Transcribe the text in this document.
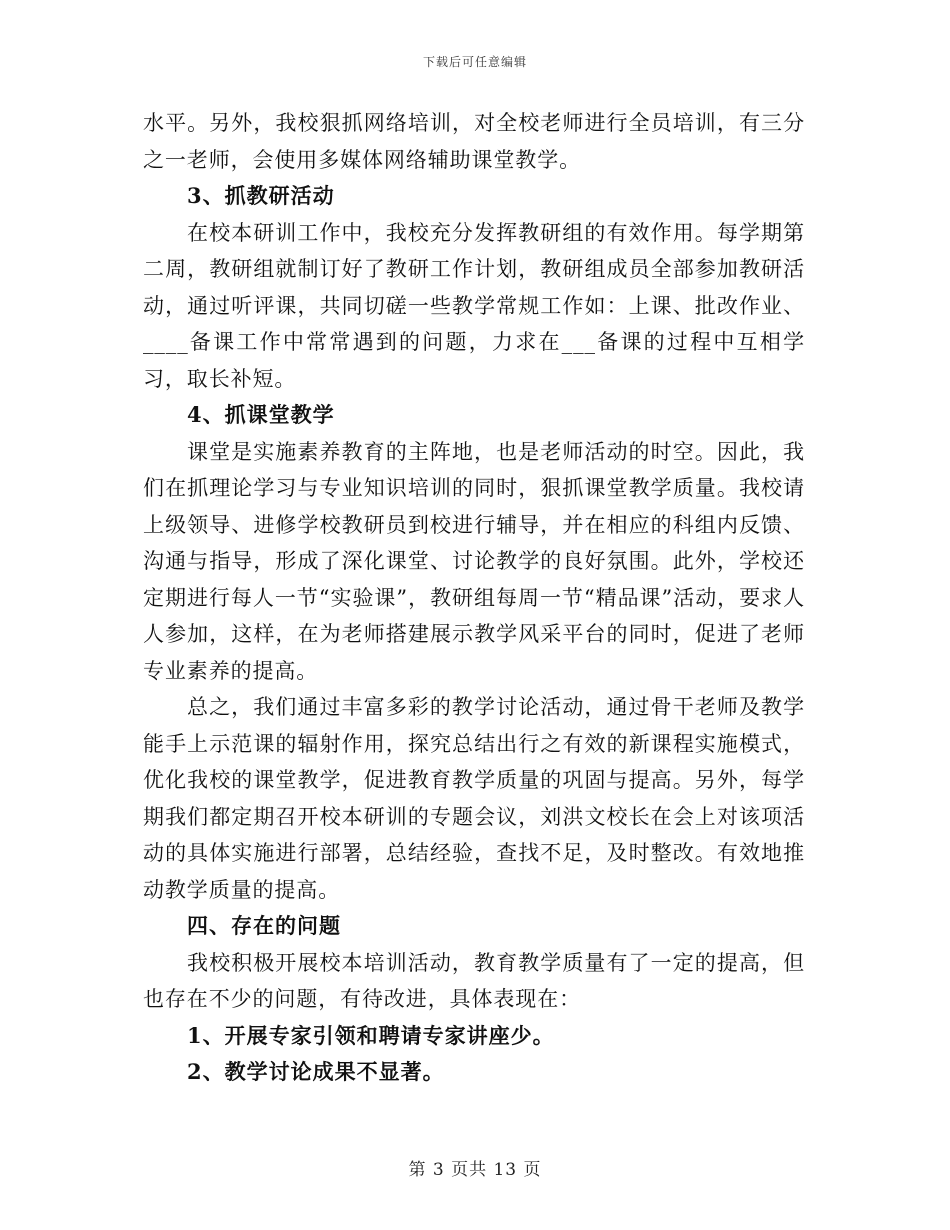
下载后可任意编辑

水平。另外，我校狠抓网络培训，对全校老师进行全员培训，有三分之一老师，会使用多媒体网络辅助课堂教学。

3、抓教研活动

在校本研训工作中，我校充分发挥教研组的有效作用。每学期第二周，教研组就制订好了教研工作计划，教研组成员全部参加教研活动，通过听评课，共同切磋一些教学常规工作如：上课、批改作业、____备课工作中常常遇到的问题，力求在___备课的过程中互相学习，取长补短。

4、抓课堂教学

课堂是实施素养教育的主阵地，也是老师活动的时空。因此，我们在抓理论学习与专业知识培训的同时，狠抓课堂教学质量。我校请上级领导、进修学校教研员到校进行辅导，并在相应的科组内反馈、沟通与指导，形成了深化课堂、讨论教学的良好氛围。此外，学校还定期进行每人一节“实验课”，教研组每周一节“精品课”活动，要求人人参加，这样，在为老师搭建展示教学风采平台的同时，促进了老师专业素养的提高。

总之，我们通过丰富多彩的教学讨论活动，通过骨干老师及教学能手上示范课的辐射作用，探究总结出行之有效的新课程实施模式，优化我校的课堂教学，促进教育教学质量的巩固与提高。另外，每学期我们都定期召开校本研训的专题会议，刘洪文校长在会上对该项活动的具体实施进行部署，总结经验，查找不足，及时整改。有效地推动教学质量的提高。

四、存在的问题

我校积极开展校本培训活动，教育教学质量有了一定的提高，但也存在不少的问题，有待改进，具体表现在：

1、开展专家引领和聘请专家讲座少。

2、教学讨论成果不显著。

第 3 页共 13 页
